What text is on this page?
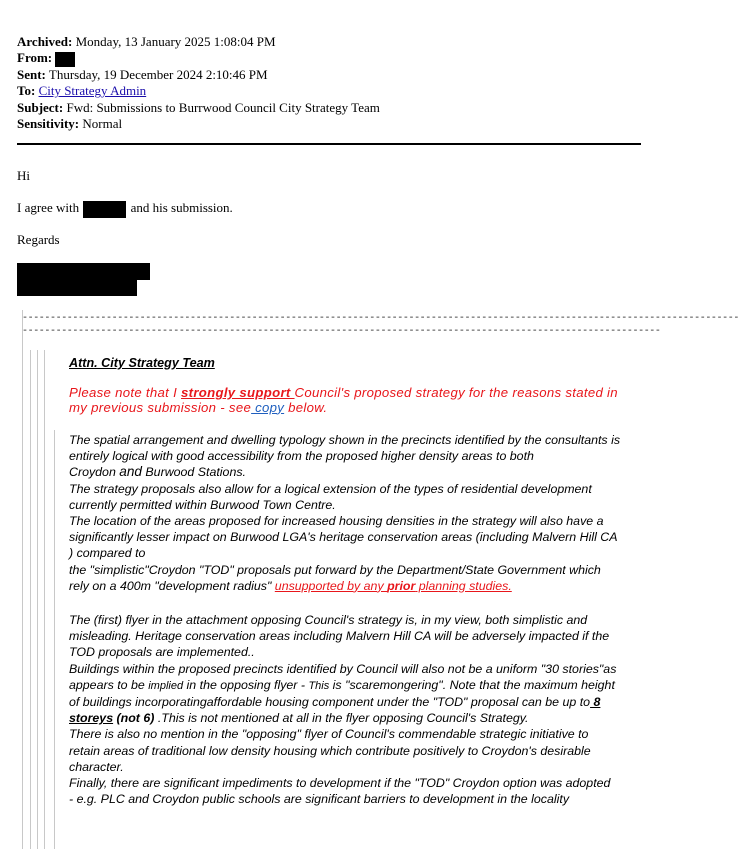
Archived: Monday, 13 January 2025 1:08:04 PM
From:
Sent: Thursday, 19 December 2024 2:10:46 PM
To: City Strategy Admin
Subject: Fwd: Submissions to Burrwood Council City Strategy Team
Sensitivity: Normal
Hi
I agree with	and his submission.
Regards
--------------------------------------------------------------------------------------------------------------------------------
------------------------------------------------------------------------------------------------------------------
Attn. City Strategy Team
Please note that I strongly support Council's proposed strategy for the reasons stated in my previous submission - see copy below.
The spatial arrangement and dwelling typology shown in the precincts identified by the consultants is
entirely logical with good accessibility from the proposed higher density areas to both
Croydon and Burwood Stations.
The strategy proposals also allow for a logical extension of the types of residential development
currently permitted within Burwood Town Centre.
The location of the areas proposed for increased housing densities in the strategy will also have a
significantly lesser impact on Burwood LGA's heritage conservation areas (including Malvern Hill CA
) compared to
the "simplistic"Croydon "TOD" proposals put forward by the Department/State Government which
rely on a 400m "development radius" unsupported by any prior planning studies.
The (first) flyer in the attachment opposing Council's strategy is, in my view, both simplistic and
misleading. Heritage conservation areas including Malvern Hill CA will be adversely impacted if the
TOD proposals are implemented..
Buildings within the proposed precincts identified by Council will also not be a uniform "30 stories"as
appears to be implied in the opposing flyer - This is "scaremongering". Note that the maximum height
of buildings incorporatingaffordable housing component under the "TOD" proposal can be up to 8
storeys (not 6) .This is not mentioned at all in the flyer opposing Council's Strategy.
There is also no mention in the "opposing" flyer of Council's commendable strategic initiative to
retain areas of traditional low density housing which contribute positively to Croydon's desirable
character.
Finally, there are significant impediments to development if the "TOD" Croydon option was adopted
- e.g. PLC and Croydon public schools are significant barriers to development in the locality
